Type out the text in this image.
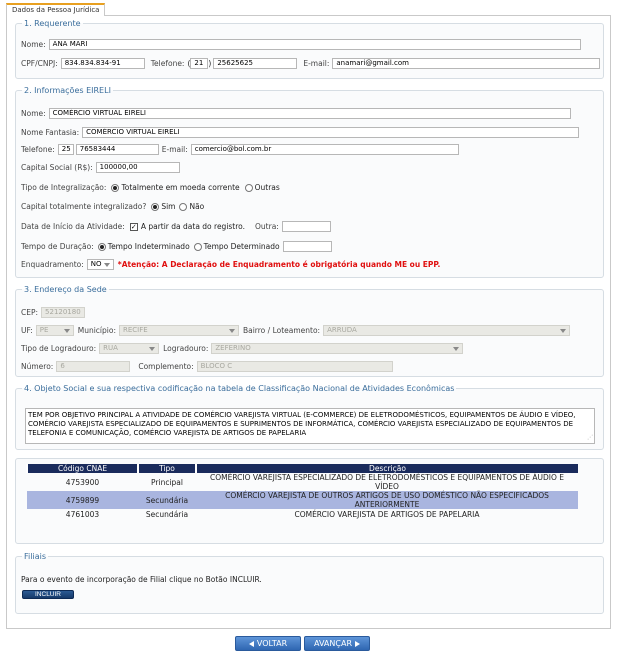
Dados da Pessoa Jurídica
1. Requerente
Nome:	ANA MARI
CPF/CNPJ:	834.834.834-91	Telefone: ( 21 ) 25625625	E-mail:	anamari@gmail.com
2. Informações EIRELI
Nome:	COMÉRCIO VIRTUAL EIRELI
Nome Fantasia:	COMÉRCIO VIRTUAL EIRELI
Telefone:	25	76583444	E-mail:	comercio@bol.com.br
Capital Social (R$):	100000,00
Tipo de Integralização: Totalmente em moeda corrente Outras
Capital totalmente integralizado? Sim Não
Data de Início da Atividade: ✓ A partir da data do registro. Outra:
Tempo de Duração: Tempo Indeterminado Tempo Determinado
Enquadramento:	NO	*Atenção: A Declaração de Enquadramento é obrigatória quando ME ou EPP.
3. Endereço da Sede
CEP:	52120180
UF:	PE	Município:	RECIFE	Bairro / Loteamento:	ARRUDA
Tipo de Logradouro:	RUA	Logradouro:	ZEFERINO
Número:	6	Complemento:	BLOCO C
4. Objeto Social e sua respectiva codificação na tabela de Classificação Nacional de Atividades Econômicas
TEM POR OBJETIVO PRINCIPAL A ATIVIDADE DE COMÉRCIO VAREJISTA VIRTUAL (E-COMMERCE) DE ELETRODOMÉSTICOS, EQUIPAMENTOS DE ÁUDIO E VÍDEO, COMÉRCIO VAREJISTA ESPECIALIZADO DE EQUIPAMENTOS E SUPRIMENTOS DE INFORMÁTICA, COMÉRCIO VAREJISTA ESPECIALIZADO DE EQUIPAMENTOS DE TELEFONIA E COMUNICAÇÃO, COMÉRCIO VAREJISTA DE ARTIGOS DE PAPELARIA
⋰
Código CNAE	Tipo	Descrição
4753900	Principal	COMÉRCIO VAREJISTA ESPECIALIZADO DE ELETRODOMÉSTICOS E EQUIPAMENTOS DE ÁUDIO E VÍDEO
4759899	Secundária	COMÉRCIO VAREJISTA DE OUTROS ARTIGOS DE USO DOMÉSTICO NÃO ESPECIFICADOS ANTERIORMENTE
4761003	Secundária	COMÉRCIO VAREJISTA DE ARTIGOS DE PAPELARIA
Filiais
Para o evento de incorporação de Filial clique no Botão INCLUIR.
INCLUIR
VOLTAR	AVANÇAR
